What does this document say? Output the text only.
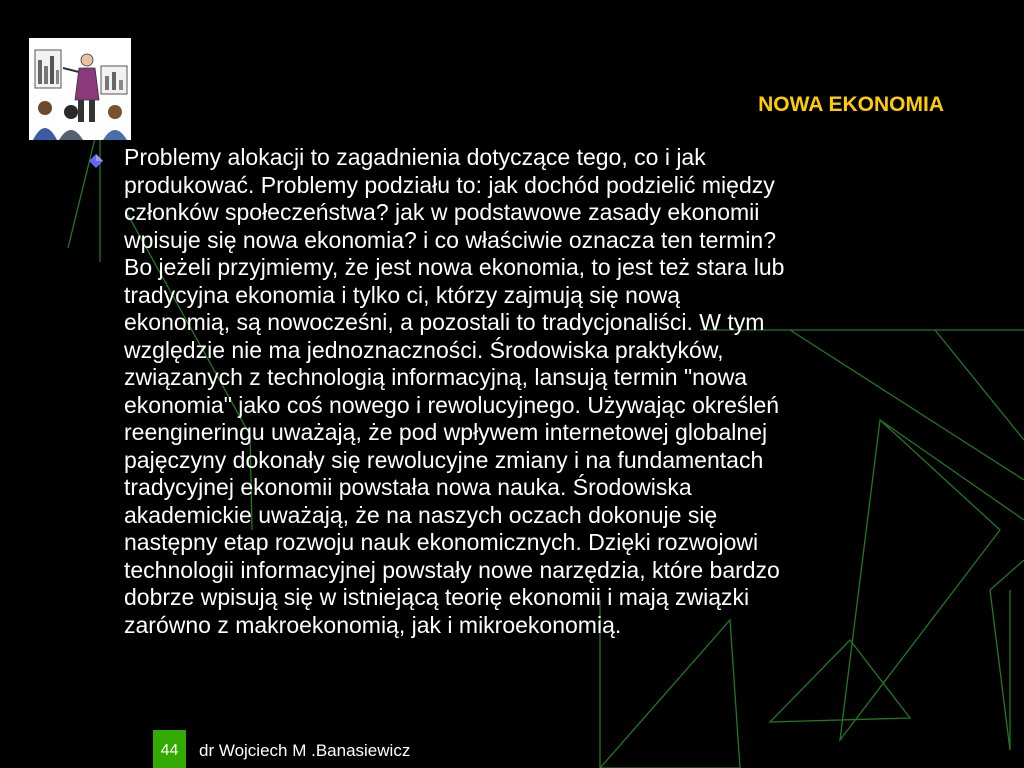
NOWA EKONOMIA

Problemy alokacji to zagadnienia dotyczące tego, co i jak
produkować. Problemy podziału to: jak dochód podzielić między
członków społeczeństwa? jak w podstawowe zasady ekonomii
wpisuje się nowa ekonomia? i co właściwie oznacza ten termin?
Bo jeżeli przyjmiemy, że jest nowa ekonomia, to jest też stara lub
tradycyjna ekonomia i tylko ci, którzy zajmują się nową
ekonomią, są nowocześni, a pozostali to tradycjonaliści. W tym
względzie nie ma jednoznaczności. Środowiska praktyków,
związanych z technologią informacyjną, lansują termin "nowa
ekonomia" jako coś nowego i rewolucyjnego. Używając określeń
reengineringu uważają, że pod wpływem internetowej globalnej
pajęczyny dokonały się rewolucyjne zmiany i na fundamentach
tradycyjnej ekonomii powstała nowa nauka. Środowiska
akademickie uważają, że na naszych oczach dokonuje się
następny etap rozwoju nauk ekonomicznych. Dzięki rozwojowi
technologii informacyjnej powstały nowe narzędzia, które bardzo
dobrze wpisują się w istniejącą teorię ekonomii i mają związki
zarówno z makroekonomią, jak i mikroekonomią.

44	dr Wojciech M .Banasiewicz
